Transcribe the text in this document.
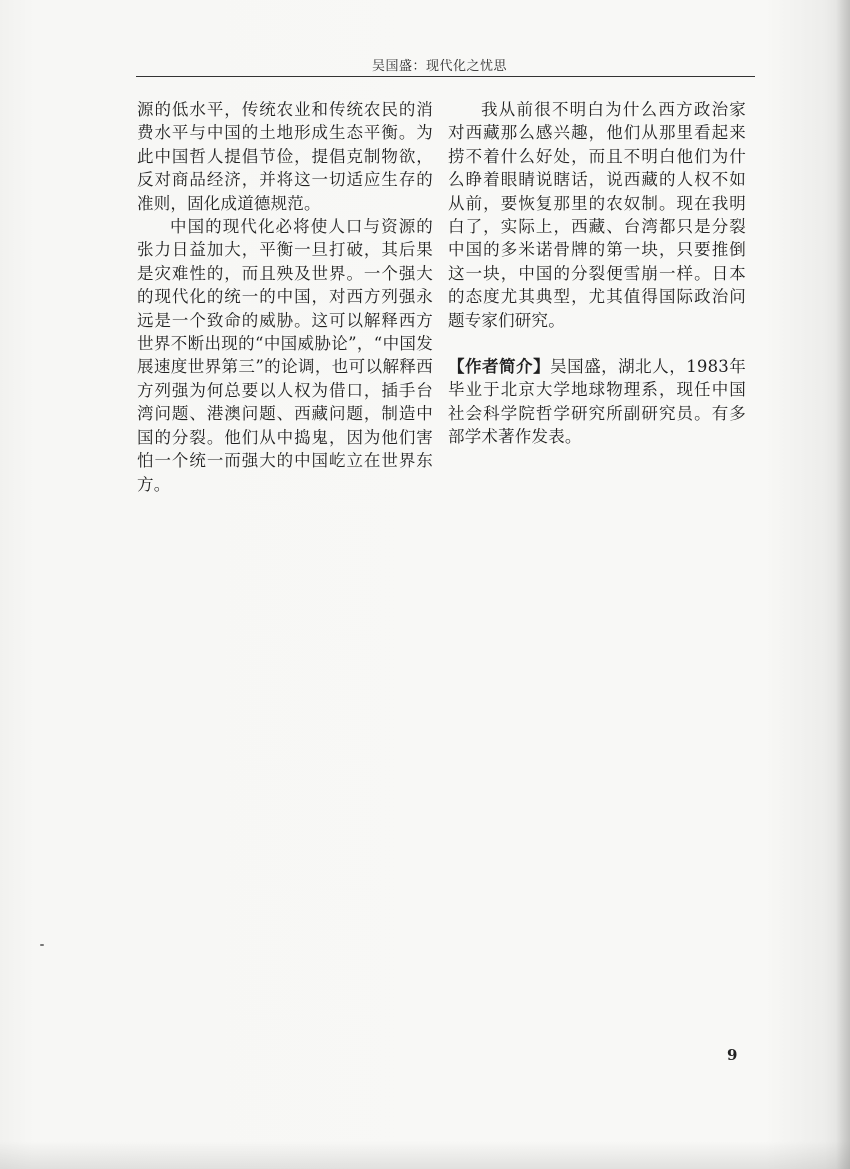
吴国盛：现代化之忧思

源的低水平，传统农业和传统农民的消费水平与中国的土地形成生态平衡。为此中国哲人提倡节俭，提倡克制物欲，反对商品经济，并将这一切适应生存的准则，固化成道德规范。

中国的现代化必将使人口与资源的张力日益加大，平衡一旦打破，其后果是灾难性的，而且殃及世界。一个强大的现代化的统一的中国，对西方列强永远是一个致命的威胁。这可以解释西方世界不断出现的“中国威胁论”，“中国发展速度世界第三”的论调，也可以解释西方列强为何总要以人权为借口，插手台湾问题、港澳问题、西藏问题，制造中国的分裂。他们从中捣鬼，因为他们害怕一个统一而强大的中国屹立在世界东方。

我从前很不明白为什么西方政治家对西藏那么感兴趣，他们从那里看起来捞不着什么好处，而且不明白他们为什么睁着眼睛说瞎话，说西藏的人权不如从前，要恢复那里的农奴制。现在我明白了，实际上，西藏、台湾都只是分裂中国的多米诺骨牌的第一块，只要推倒这一块，中国的分裂便雪崩一样。日本的态度尤其典型，尤其值得国际政治问题专家们研究。

【作者简介】吴国盛，湖北人，1983年毕业于北京大学地球物理系，现任中国社会科学院哲学研究所副研究员。有多部学术著作发表。

9
